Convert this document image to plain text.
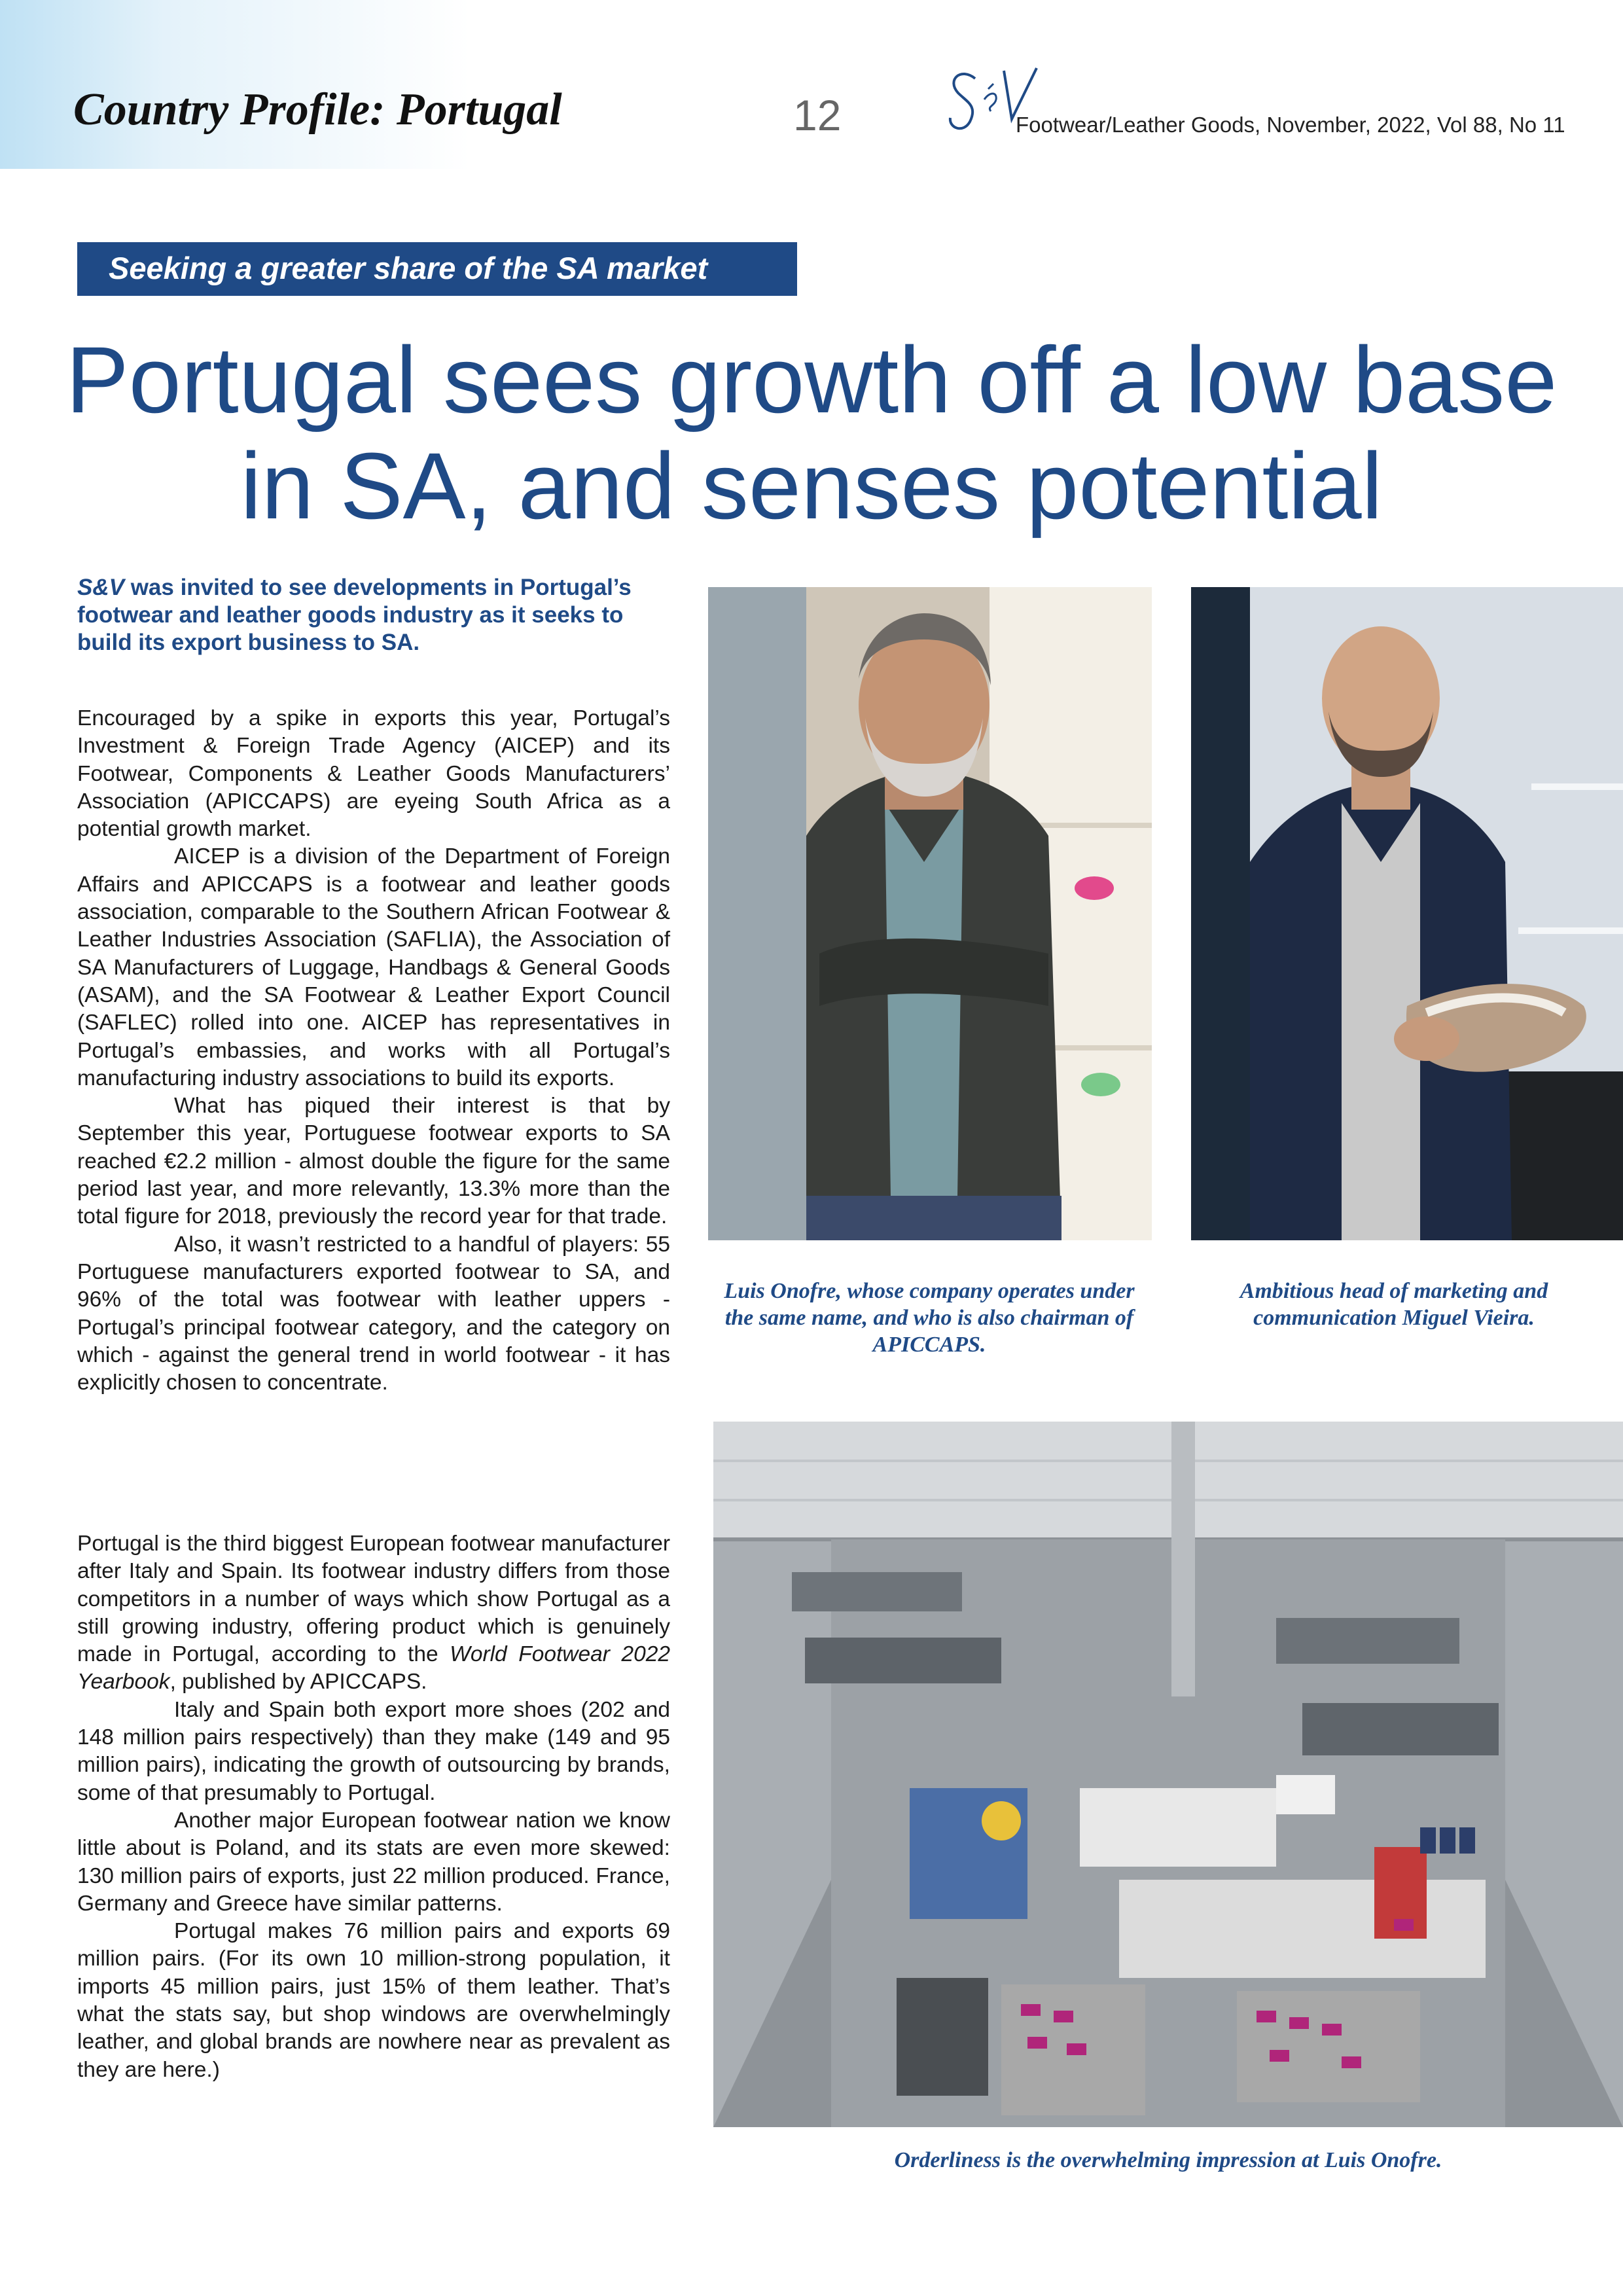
Country Profile: Portugal	12	Footwear/Leather Goods, November, 2022, Vol 88, No 11
Seeking a greater share of the SA market
Portugal sees growth off a low base
in SA, and senses potential
S&V was invited to see developments in Portugal’s footwear and leather goods industry as it seeks to build its export business to SA.

Encouraged by a spike in exports this year, Portugal’s Investment & Foreign Trade Agency (AICEP) and its Footwear, Components & Leather Goods Manufacturers’ Association (APICCAPS) are eyeing South Africa as a potential growth market.

AICEP is a division of the Department of Foreign Affairs and APICCAPS is a footwear and leather goods association, comparable to the Southern African Footwear & Leather Industries Association (SAFLIA), the Association of SA Manufacturers of Luggage, Handbags & General Goods (ASAM), and the SA Footwear & Leather Export Council (SAFLEC) rolled into one. AICEP has representatives in Portugal’s embassies, and works with all Portugal’s manufacturing industry associations to build its exports.

What has piqued their interest is that by September this year, Portuguese footwear exports to SA reached €2.2 million - almost double the figure for the same period last year, and more relevantly, 13.3% more than the total figure for 2018, previously the record year for that trade.

Also, it wasn’t restricted to a handful of players: 55 Portuguese manufacturers exported footwear to SA, and 96% of the total was footwear with leather uppers - Portugal’s principal footwear category, and the category on which - against the general trend in world footwear - it has explicitly chosen to concentrate.

Portugal is the third biggest European footwear manufacturer after Italy and Spain. Its footwear industry differs from those competitors in a number of ways which show Portugal as a still growing industry, offering product which is genuinely made in Portugal, according to the World Footwear 2022 Yearbook, published by APICCAPS.

Italy and Spain both export more shoes (202 and 148 million pairs respectively) than they make (149 and 95 million pairs), indicating the growth of outsourcing by brands, some of that presumably to Portugal.

Another major European footwear nation we know little about is Poland, and its stats are even more skewed: 130 million pairs of exports, just 22 million produced. France, Germany and Greece have similar patterns.

Portugal makes 76 million pairs and exports 69 million pairs. (For its own 10 million-strong population, it imports 45 million pairs, just 15% of them leather. That’s what the stats say, but shop windows are overwhelmingly leather, and global brands are nowhere near as prevalent as they are here.)

Luis Onofre, whose company operates under the same name, and who is also chairman of APICCAPS.
Ambitious head of marketing and communication Miguel Vieira.
Orderliness is the overwhelming impression at Luis Onofre.
